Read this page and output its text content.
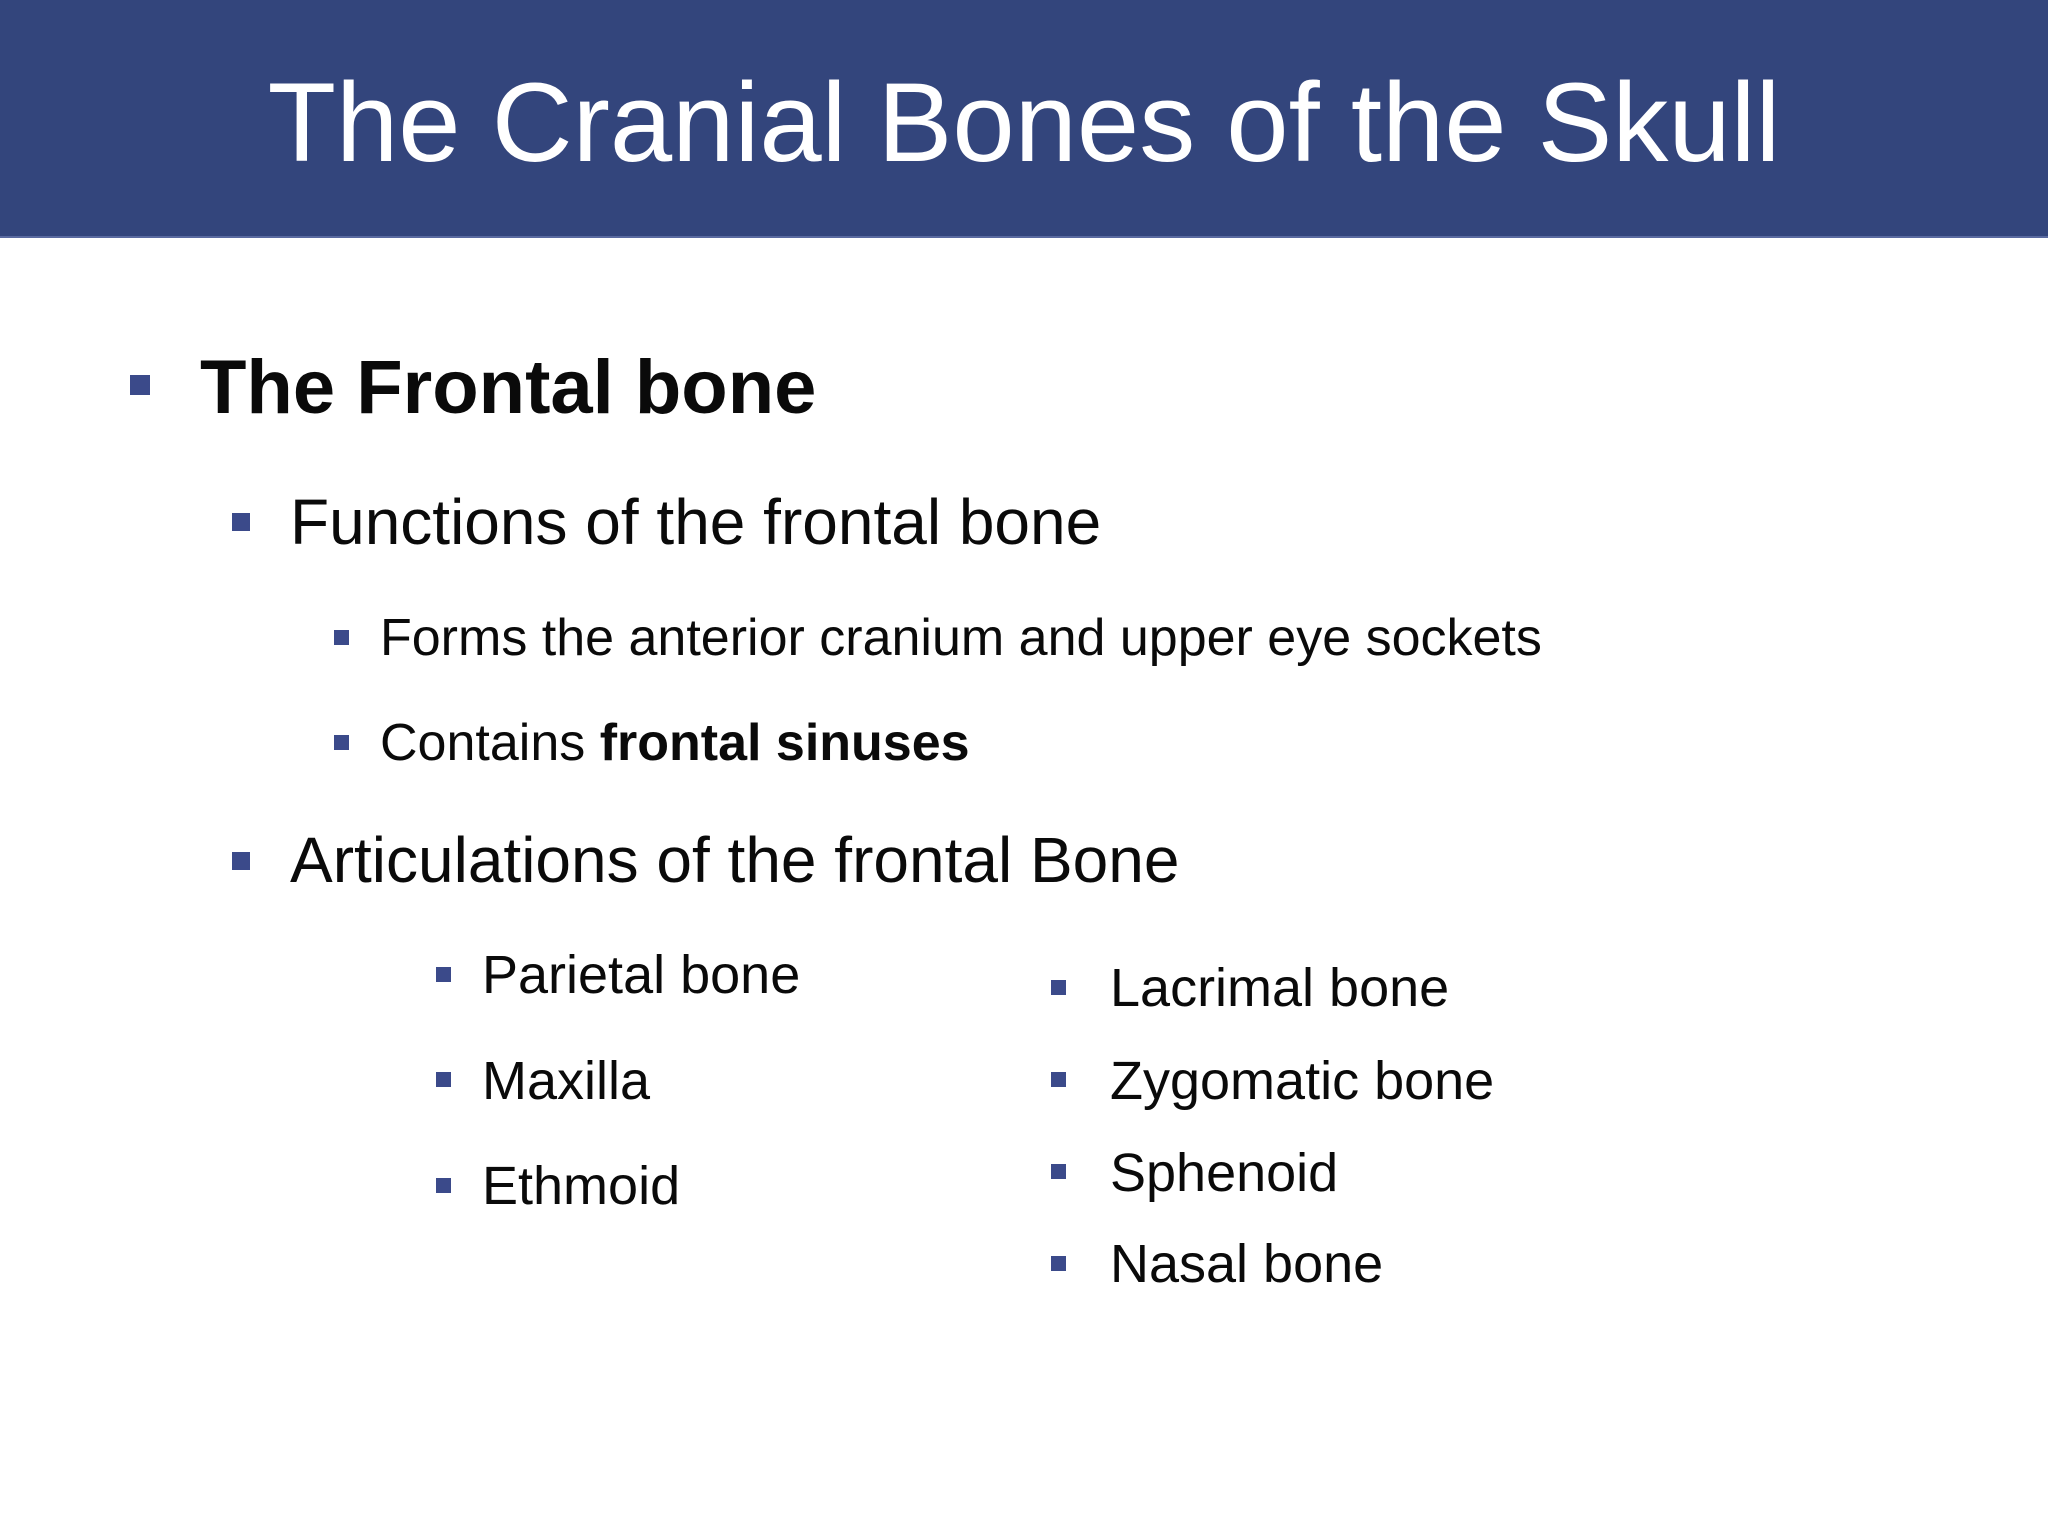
The Cranial Bones of the Skull
The Frontal bone
Functions of the frontal bone
Forms the anterior cranium and upper eye sockets
Contains frontal sinuses
Articulations of the frontal Bone
Parietal bone
Maxilla
Ethmoid
Lacrimal bone
Zygomatic bone
Sphenoid
Nasal bone
